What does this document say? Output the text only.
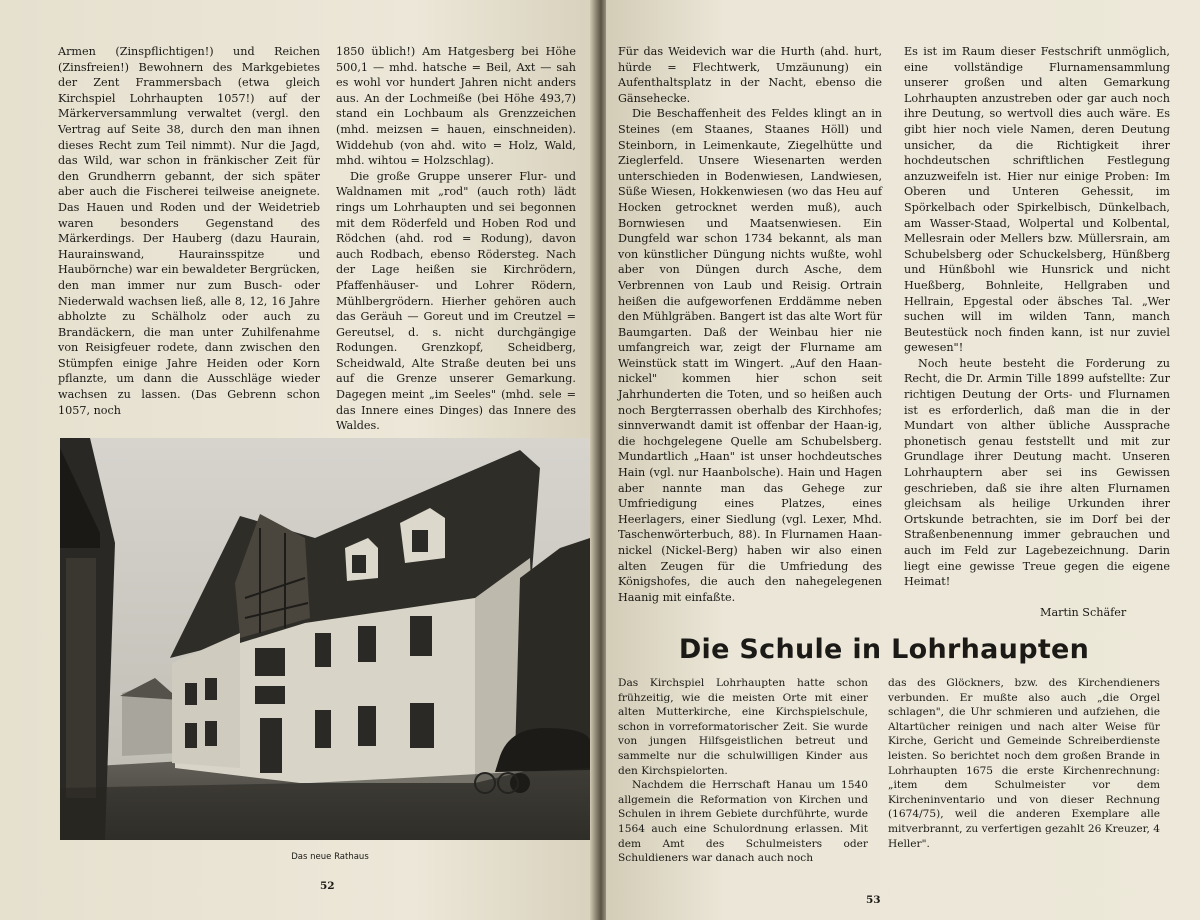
Armen (Zinspflichtigen!) und Reichen (Zinsfreien!) Bewohnern des Markgebietes der Zent Frammersbach (etwa gleich Kirchspiel Lohrhaupten 1057!) auf der Märkerversammlung verwaltet (vergl. den Vertrag auf Seite 38, durch den man ihnen dieses Recht zum Teil nimmt). Nur die Jagd, das Wild, war schon in fränkischer Zeit für den Grundherrn gebannt, der sich später aber auch die Fischerei teilweise aneignete. Das Hauen und Roden und der Weidetrieb waren besonders Gegenstand des Märkerdings. Der Hauberg (dazu Haurain, Haurainswand, Haurainsspitze und Haubörnche) war ein bewaldeter Bergrücken, den man immer nur zum Busch- oder Niederwald wachsen ließ, alle 8, 12, 16 Jahre abholzte zu Schälholz oder auch zu Brandäckern, die man unter Zuhilfenahme von Reisigfeuer rodete, dann zwischen den Stümpfen einige Jahre Heiden oder Korn pflanzte, um dann die Ausschläge wieder wachsen zu lassen. (Das Gebrenn schon 1057, noch

1850 üblich!) Am Hatgesberg bei Höhe 500,1 — mhd. hatsche = Beil, Axt — sah es wohl vor hundert Jahren nicht anders aus. An der Lochmeiße (bei Höhe 493,7) stand ein Lochbaum als Grenzzeichen (mhd. meizsen = hauen, einschneiden). Widdehub (von ahd. wito = Holz, Wald, mhd. wihtou = Holzschlag).

Die große Gruppe unserer Flur- und Waldnamen mit „rod" (auch roth) lädt rings um Lohrhaupten und sei begonnen mit dem Röderfeld und Hoben Rod und Rödchen (ahd. rod = Rodung), davon auch Rodbach, ebenso Rödersteg. Nach der Lage heißen sie Kirchrödern, Pfaffenhäuser- und Lohrer Rödern, Mühlbergrödern. Hierher gehören auch das Geräuh — Goreut und im Creutzel = Gereutsel, d. s. nicht durchgängige Rodungen. Grenzkopf, Scheidberg, Scheidwald, Alte Straße deuten bei uns auf die Grenze unserer Gemarkung. Dagegen meint „im Seeles" (mhd. sele = das Innere eines Dinges) das Innere des Waldes.

Das neue Rathaus
52

Für das Weidevich war die Hurth (ahd. hurt, hürde = Flechtwerk, Umzäunung) ein Aufenthaltsplatz in der Nacht, ebenso die Gänsehecke.

Die Beschaffenheit des Feldes klingt an in Steines (em Staanes, Staanes Höll) und Steinborn, in Leimenkaute, Ziegelhütte und Zieglerfeld. Unsere Wiesenarten werden unterschieden in Bodenwiesen, Landwiesen, Süße Wiesen, Hokkenwiesen (wo das Heu auf Hocken getrocknet werden muß), auch Bornwiesen und Maatsenwiesen. Ein Dungfeld war schon 1734 bekannt, als man von künstlicher Düngung nichts wußte, wohl aber von Düngen durch Asche, dem Verbrennen von Laub und Reisig. Ortrain heißen die aufgeworfenen Erddämme neben den Mühlgräben. Bangert ist das alte Wort für Baumgarten. Daß der Weinbau hier nie umfangreich war, zeigt der Flurname am Weinstück statt im Wingert. „Auf den Haan-nickel" kommen hier schon seit Jahrhunderten die Toten, und so heißen auch noch Bergterrassen oberhalb des Kirchhofes; sinnverwandt damit ist offenbar der Haan-ig, die hochgelegene Quelle am Schubelsberg. Mundartlich „Haan" ist unser hochdeutsches Hain (vgl. nur Haanbolsche). Hain und Hagen aber nannte man das Gehege zur Umfriedigung eines Platzes, eines Heerlagers, einer Siedlung (vgl. Lexer, Mhd. Taschenwörterbuch, 88). In Flurnamen Haan-nickel (Nickel-Berg) haben wir also einen alten Zeugen für die Umfriedung des Königshofes, die auch den nahegelegenen Haanig mit einfaßte.

Es ist im Raum dieser Festschrift unmöglich, eine vollständige Flurnamensammlung unserer großen und alten Gemarkung Lohrhaupten anzustreben oder gar auch noch ihre Deutung, so wertvoll dies auch wäre. Es gibt hier noch viele Namen, deren Deutung unsicher, da die Richtigkeit ihrer hochdeutschen schriftlichen Festlegung anzuzweifeln ist. Hier nur einige Proben: Im Oberen und Unteren Gehessit, im Spörkelbach oder Spirkelbisch, Dünkelbach, am Wasser-Staad, Wolpertal und Kolbental, Mellesrain oder Mellers bzw. Müllersrain, am Schubelsberg oder Schuckelsberg, Hünßberg und Hünßbohl wie Hunsrick und nicht Hueßberg, Bohnleite, Hellgraben und Hellrain, Epgestal oder äbsches Tal. „Wer suchen will im wilden Tann, manch Beutestück noch finden kann, ist nur zuviel gewesen"!

Noch heute besteht die Forderung zu Recht, die Dr. Armin Tille 1899 aufstellte: Zur richtigen Deutung der Orts- und Flurnamen ist es erforderlich, daß man die in der Mundart von alther übliche Aussprache phonetisch genau feststellt und mit zur Grundlage ihrer Deutung macht. Unseren Lohrhauptern aber sei ins Gewissen geschrieben, daß sie ihre alten Flurnamen gleichsam als heilige Urkunden ihrer Ortskunde betrachten, sie im Dorf bei der Straßenbenennung immer gebrauchen und auch im Feld zur Lagebezeichnung. Darin liegt eine gewisse Treue gegen die eigene Heimat!

Martin Schäfer
Die Schule in Lohrhaupten

Das Kirchspiel Lohrhaupten hatte schon frühzeitig, wie die meisten Orte mit einer alten Mutterkirche, eine Kirchspielschule, schon in vorreformatorischer Zeit. Sie wurde von jungen Hilfsgeistlichen betreut und sammelte nur die schulwilligen Kinder aus den Kirchspielorten.

Nachdem die Herrschaft Hanau um 1540 allgemein die Reformation von Kirchen und Schulen in ihrem Gebiete durchführte, wurde 1564 auch eine Schulordnung erlassen. Mit dem Amt des Schulmeisters oder Schuldieners war danach auch noch

das des Glöckners, bzw. des Kirchendieners verbunden. Er mußte also auch „die Orgel schlagen", die Uhr schmieren und aufziehen, die Altartücher reinigen und nach alter Weise für Kirche, Gericht und Gemeinde Schreiberdienste leisten. So berichtet noch dem großen Brande in Lohrhaupten 1675 die erste Kirchenrechnung: „item dem Schulmeister vor dem Kircheninventario und von dieser Rechnung (1674/75), weil die anderen Exemplare alle mitverbrannt, zu verfertigen gezahlt 26 Kreuzer, 4 Heller".

53
